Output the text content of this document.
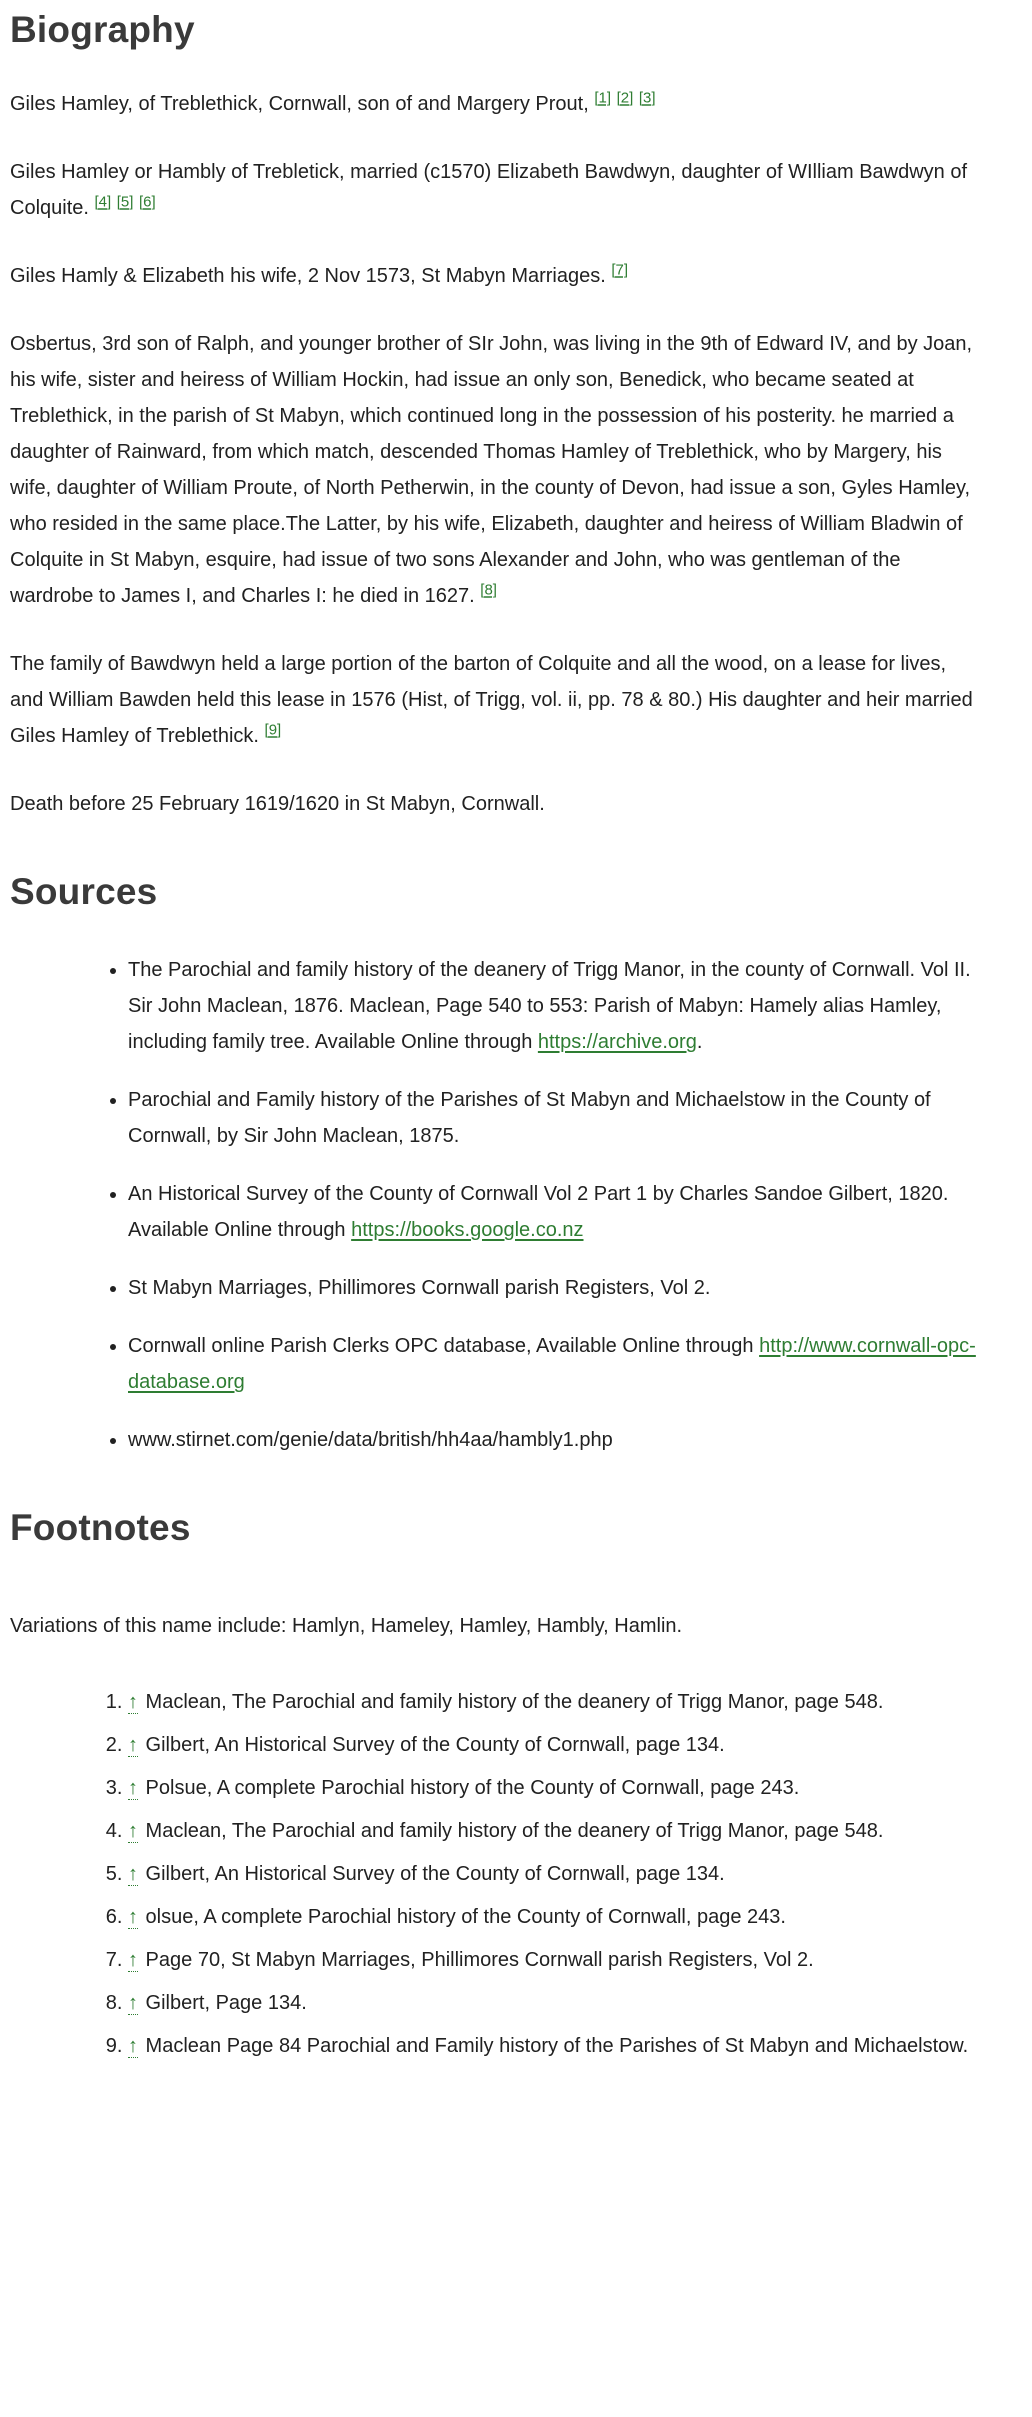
Biography

Giles Hamley, of Treblethick, Cornwall, son of and Margery Prout, [1] [2] [3]

Giles Hamley or Hambly of Trebletick, married (c1570) Elizabeth Bawdwyn, daughter of WIlliam Bawdwyn of Colquite. [4] [5] [6]

Giles Hamly & Elizabeth his wife, 2 Nov 1573, St Mabyn Marriages. [7]

Osbertus, 3rd son of Ralph, and younger brother of SIr John, was living in the 9th of Edward IV, and by Joan, his wife, sister and heiress of William Hockin, had issue an only son, Benedick, who became seated at Treblethick, in the parish of St Mabyn, which continued long in the possession of his posterity. he married a daughter of Rainward, from which match, descended Thomas Hamley of Treblethick, who by Margery, his wife, daughter of William Proute, of North Petherwin, in the county of Devon, had issue a son, Gyles Hamley, who resided in the same place.The Latter, by his wife, Elizabeth, daughter and heiress of William Bladwin of Colquite in St Mabyn, esquire, had issue of two sons Alexander and John, who was gentleman of the wardrobe to James I, and Charles I: he died in 1627. [8]

The family of Bawdwyn held a large portion of the barton of Colquite and all the wood, on a lease for lives, and William Bawden held this lease in 1576 (Hist, of Trigg, vol. ii, pp. 78 & 80.) His daughter and heir married Giles Hamley of Treblethick. [9]

Death before 25 February 1619/1620 in St Mabyn, Cornwall.

Sources
• The Parochial and family history of the deanery of Trigg Manor, in the county of Cornwall. Vol II. Sir John Maclean, 1876. Maclean, Page 540 to 553: Parish of Mabyn: Hamely alias Hamley, including family tree. Available Online through https://archive.org.
• Parochial and Family history of the Parishes of St Mabyn and Michaelstow in the County of Cornwall, by Sir John Maclean, 1875.
• An Historical Survey of the County of Cornwall Vol 2 Part 1 by Charles Sandoe Gilbert, 1820. Available Online through https://books.google.co.nz
• St Mabyn Marriages, Phillimores Cornwall parish Registers, Vol 2.
• Cornwall online Parish Clerks OPC database, Available Online through http://www.cornwall-opc-database.org
• www.stirnet.com/genie/data/british/hh4aa/hambly1.php
Footnotes

Variations of this name include: Hamlyn, Hameley, Hamley, Hambly, Hamlin.

1. ↑ Maclean, The Parochial and family history of the deanery of Trigg Manor, page 548.
2. ↑ Gilbert, An Historical Survey of the County of Cornwall, page 134.
3. ↑ Polsue, A complete Parochial history of the County of Cornwall, page 243.
4. ↑ Maclean, The Parochial and family history of the deanery of Trigg Manor, page 548.
5. ↑ Gilbert, An Historical Survey of the County of Cornwall, page 134.
6. ↑ olsue, A complete Parochial history of the County of Cornwall, page 243.
7. ↑ Page 70, St Mabyn Marriages, Phillimores Cornwall parish Registers, Vol 2.
8. ↑ Gilbert, Page 134.
9. ↑ Maclean Page 84 Parochial and Family history of the Parishes of St Mabyn and Michaelstow.
